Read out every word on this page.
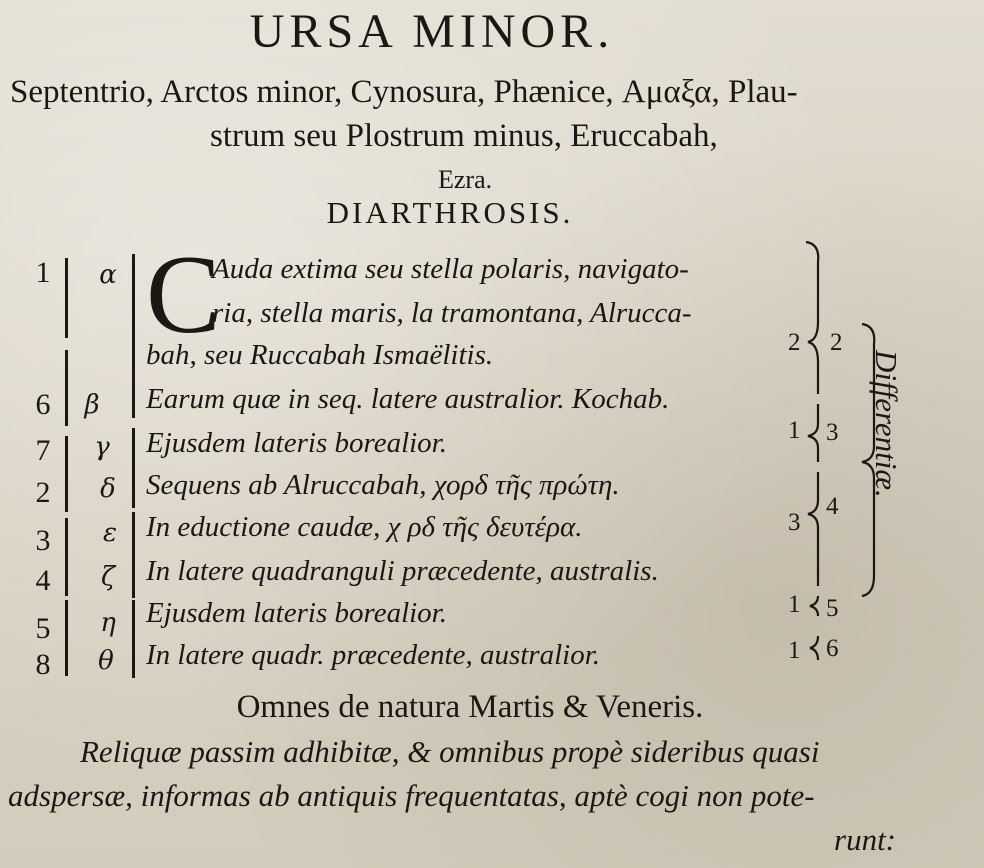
URSA MINOR.
Septentrio, Arctos minor, Cynosura, Phænice, Αμαξα, Plau-
strum seu Plostrum minus, Eruccabah,
Ezra.
DIARTHROSIS.
1
6
7
2
3
4
5
8
α
β
γ
δ
ε
ζ
η
θ
C
Auda extima seu stella polaris, navigato-
ria, stella maris, la tramontana, Alrucca-
bah, seu Ruccabah Ismaëlitis.
Earum quæ in seq. latere australior. Kochab.
Ejusdem lateris borealior.
Sequens ab Alruccabah, χορδ τῆς πρώτη.
In eductione caudæ, χ ρδ τῆς δευτέρα.
In latere quadranguli præcedente, australis.
Ejusdem lateris borealior.
In latere quadr. præcedente, australior.
2 2
1 3
3
4
1 5
1 6
Differentiæ.
Omnes de natura Martis & Veneris.
Reliquæ passim adhibitæ, & omnibus propè sideribus quasi
adspersæ, informas ab antiquis frequentatas, aptè cogi non pote-
runt:
